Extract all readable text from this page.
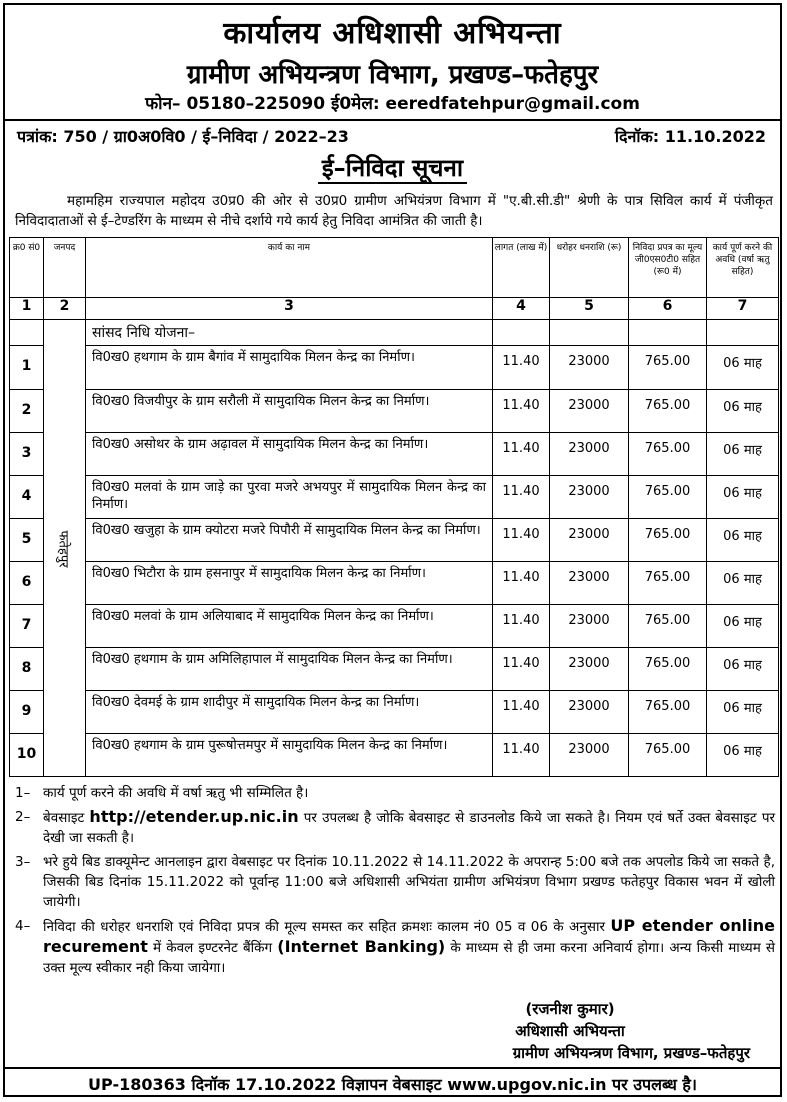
कार्यालय अधिशासी अभियन्ता
ग्रामीण अभियन्त्रण विभाग, प्रखण्ड–फतेहपुर
फोन– 05180–225090 ई0मेल: eeredfatehpur@gmail.com
पत्रांक: 750 / ग्रा0अ0वि0 / ई–निविदा / 2022–23	दिनॉक: 11.10.2022
ई–निविदा सूचना
महामहिम राज्यपाल महोदय उ0प्र0 की ओर से उ0प्र0 ग्रामीण अभियंत्रण विभाग में "ए.बी.सी.डी" श्रेणी के पात्र सिविल कार्य में पंजीकृत निविदादाताओं से ई–टेण्डरिंग के माध्यम से नीचे दर्शाये गये कार्य हेतु निविदा आमंत्रित की जाती है।
क्र0 सं0	जनपद	कार्य का नाम	लागत (लाख में)	धरोहर धनराशि (रू)	निविदा प्रपत्र का मूल्य जी0एस0टी0 सहित (रू0 में)	कार्य पूर्ण करने की अवधि (वर्षा ऋतु सहित)
1	2	3	4	5	6	7
	फतेहपुर	सांसद निधि योजना–				
1		वि0ख0 हथगाम के ग्राम बैगांव में सामुदायिक मिलन केन्द्र का निर्माण।	11.40	23000	765.00	06 माह
2		वि0ख0 विजयीपुर के ग्राम सरौली में सामुदायिक मिलन केन्द्र का निर्माण।	11.40	23000	765.00	06 माह
3		वि0ख0 असोथर के ग्राम अढ़ावल में सामुदायिक मिलन केन्द्र का निर्माण।	11.40	23000	765.00	06 माह
4		वि0ख0 मलवां के ग्राम जाड़े का पुरवा मजरे अभयपुर में सामुदायिक मिलन केन्द्र का निर्माण।	11.40	23000	765.00	06 माह
5		वि0ख0 खजुहा के ग्राम क्योटरा मजरे पिपौरी में सामुदायिक मिलन केन्द्र का निर्माण।	11.40	23000	765.00	06 माह
6		वि0ख0 भिटौरा के ग्राम हसनापुर में सामुदायिक मिलन केन्द्र का निर्माण।	11.40	23000	765.00	06 माह
7		वि0ख0 मलवां के ग्राम अलियाबाद में सामुदायिक मिलन केन्द्र का निर्माण।	11.40	23000	765.00	06 माह
8		वि0ख0 हथगाम के ग्राम अमिलिहापाल में सामुदायिक मिलन केन्द्र का निर्माण।	11.40	23000	765.00	06 माह
9		वि0ख0 देवमई के ग्राम शादीपुर में सामुदायिक मिलन केन्द्र का निर्माण।	11.40	23000	765.00	06 माह
10		वि0ख0 हथगाम के ग्राम पुरूषोत्तमपुर में सामुदायिक मिलन केन्द्र का निर्माण।	11.40	23000	765.00	06 माह
1– कार्य पूर्ण करने की अवधि में वर्षा ऋतु भी सम्मिलित है।
2– बेवसाइट http://etender.up.nic.in पर उपलब्ध है जोकि बेवसाइट से डाउनलोड किये जा सकते है। नियम एवं षर्ते उक्त बेवसाइट पर देखी जा सकती है।
3– भरे हुये बिड डाक्यूमेन्ट आनलाइन द्वारा वेबसाइट पर दिनांक 10.11.2022 से 14.11.2022 के अपरान्ह 5:00 बजे तक अपलोड किये जा सकते है, जिसकी बिड दिनांक 15.11.2022 को पूर्वान्ह 11:00 बजे अधिशासी अभियंता ग्रामीण अभियंत्रण विभाग प्रखण्ड फतेहपुर विकास भवन में खोली जायेगी।
4– निविदा की धरोहर धनराशि एवं निविदा प्रपत्र की मूल्य समस्त कर सहित क्रमशः कालम नं0 05 व 06 के अनुसार UP etender online recurement में केवल इण्टरनेट बैंकिंग (Internet Banking) के माध्यम से ही जमा करना अनिवार्य होगा। अन्य किसी माध्यम से उक्त मूल्य स्वीकार नही किया जायेगा।
(रजनीश कुमार)
अधिशासी अभियन्ता
ग्रामीण अभियन्त्रण विभाग, प्रखण्ड–फतेहपुर
UP-180363 दिनॉक 17.10.2022 विज्ञापन वेबसाइट www.upgov.nic.in पर उपलब्ध है।
